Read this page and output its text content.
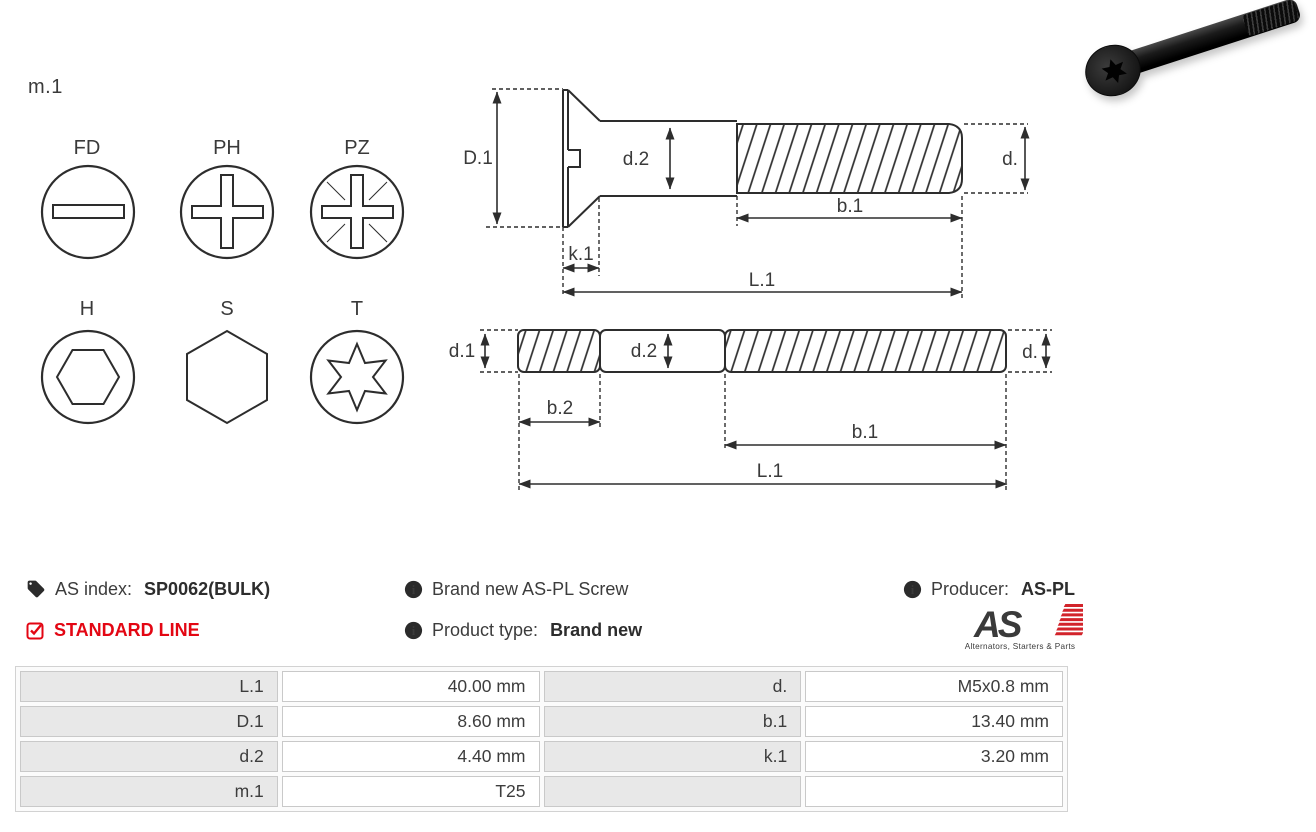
m.1
FD	PH	PZ
H	S	T
D.1	d.2	d.
b.1
k.1
L.1
d.1	d.2	d.
b.2
b.1
L.1
AS index: SP0062(BULK)
STANDARD LINE
i Brand new AS-PL Screw
i Product type: Brand new
i Producer: AS-PL
AS
Alternators, Starters & Parts
L.1	40.00 mm	d.	M5x0.8 mm
D.1	8.60 mm	b.1	13.40 mm
d.2	4.40 mm	k.1	3.20 mm
m.1	T25		
